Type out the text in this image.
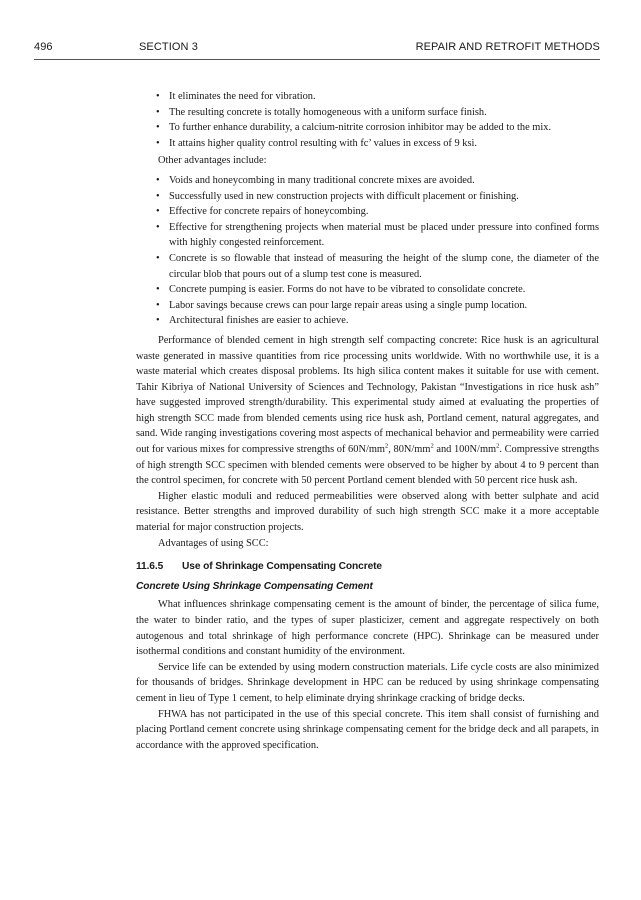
496	SECTION 3	REPAIR AND RETROFIT METHODS
• It eliminates the need for vibration.
• The resulting concrete is totally homogeneous with a uniform surface finish.
• To further enhance durability, a calcium-nitrite corrosion inhibitor may be added to the mix.
• It attains higher quality control resulting with fc’ values in excess of 9 ksi.

Other advantages include:

• Voids and honeycombing in many traditional concrete mixes are avoided.
• Successfully used in new construction projects with difficult placement or finishing.
• Effective for concrete repairs of honeycombing.
• Effective for strengthening projects when material must be placed under pressure into confined forms with highly congested reinforcement.
• Concrete is so flowable that instead of measuring the height of the slump cone, the diameter of the circular blob that pours out of a slump test cone is measured.
• Concrete pumping is easier. Forms do not have to be vibrated to consolidate concrete.
• Labor savings because crews can pour large repair areas using a single pump location.
• Architectural finishes are easier to achieve.

Performance of blended cement in high strength self compacting concrete: Rice husk is an agricultural waste generated in massive quantities from rice processing units worldwide. With no worthwhile use, it is a waste material which creates disposal problems. Its high silica content makes it suitable for use with cement. Tahir Kibriya of National University of Sciences and Technology, Pakistan “Investigations in rice husk ash” have suggested improved strength/durability. This experimental study aimed at evaluating the properties of high strength SCC made from blended cements using rice husk ash, Portland cement, natural aggregates, and sand. Wide ranging investigations covering most aspects of mechanical behavior and permeability were carried out for various mixes for compressive strengths of $60N/mm^2$, $80N/mm^2$ and $100N/mm^2$. Compressive strengths of high strength SCC specimen with blended cements were observed to be higher by about 4 to 9 percent than the control specimen, for concrete with 50 percent Portland cement blended with 50 percent rice husk ash.

Higher elastic moduli and reduced permeabilities were observed along with better sulphate and acid resistance. Better strengths and improved durability of such high strength SCC make it a more acceptable material for major construction projects.

Advantages of using SCC:

11.6.5 Use of Shrinkage Compensating Concrete
Concrete Using Shrinkage Compensating Cement

What influences shrinkage compensating cement is the amount of binder, the percentage of silica fume, the water to binder ratio, and the types of super plasticizer, cement and aggregate respectively on both autogenous and total shrinkage of high performance concrete (HPC). Shrinkage can be measured under isothermal conditions and constant humidity of the environment.

Service life can be extended by using modern construction materials. Life cycle costs are also minimized for thousands of bridges. Shrinkage development in HPC can be reduced by using shrinkage compensating cement in lieu of Type 1 cement, to help eliminate drying shrinkage cracking of bridge decks.

FHWA has not participated in the use of this special concrete. This item shall consist of furnishing and placing Portland cement concrete using shrinkage compensating cement for the bridge deck and all parapets, in accordance with the approved specification.
